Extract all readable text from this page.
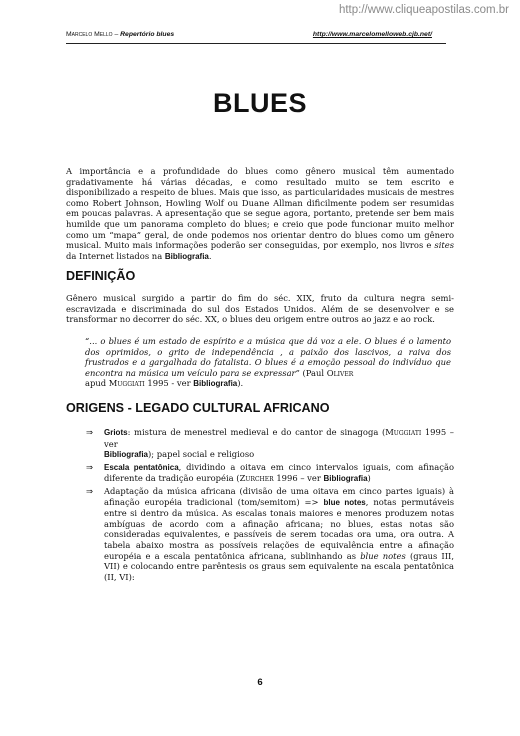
http://www.cliqueapostilas.com.br
Marcelo Mello – Repertório blues	http://www.marcelomelloweb.cjb.net/
BLUES
A importância e a profundidade do blues como gênero musical têm aumentado gradativamente há várias décadas, e como resultado muito se tem escrito e disponibilizado a respeito de blues. Mais que isso, as particularidades musicais de mestres como Robert Johnson, Howling Wolf ou Duane Allman dificilmente podem ser resumidas em poucas palavras. A apresentação que se segue agora, portanto, pretende ser bem mais humilde que um panorama completo do blues; e creio que pode funcionar muito melhor como um “mapa” geral, de onde podemos nos orientar dentro do blues como um gênero musical. Muito mais informações poderão ser conseguidas, por exemplo, nos livros e sites da Internet listados na Bibliografia.
DEFINIÇÃO
Gênero musical surgido a partir do fim do séc. XIX, fruto da cultura negra semi-escravizada e discriminada do sul dos Estados Unidos. Além de se desenvolver e se transformar no decorrer do séc. XX, o blues deu origem entre outros ao jazz e ao rock.
“... o blues é um estado de espírito e a música que dá voz a ele. O blues é o lamento dos oprimidos, o grito de independência , a paixão dos lascivos, a raiva dos frustrados e a gargalhada do fatalista. O blues é a emoção pessoal do indivíduo que encontra na música um veículo para se expressar” (Paul Oliver
apud Muggiati 1995 - ver Bibliografia).
ORIGENS - LEGADO CULTURAL AFRICANO
⇒ Griots: mistura de menestrel medieval e do cantor de sinagoga (Muggiati 1995 – ver
Bibliografia); papel social e religioso
⇒ Escala pentatônica, dividindo a oitava em cinco intervalos iguais, com afinação diferente da tradição européia (Zurcher 1996 – ver Bibliografia)
⇒ Adaptação da música africana (divisão de uma oitava em cinco partes iguais) à afinação européia tradicional (tom/semitom) => blue notes, notas permutáveis entre si dentro da música. As escalas tonais maiores e menores produzem notas ambíguas de acordo com a afinação africana; no blues, estas notas são consideradas equivalentes, e passíveis de serem tocadas ora uma, ora outra. A tabela abaixo mostra as possíveis relações de equivalência entre a afinação européia e a escala pentatônica africana, sublinhando as blue notes (graus III, VII) e colocando entre parêntesis os graus sem equivalente na escala pentatônica (II, VI):
6
